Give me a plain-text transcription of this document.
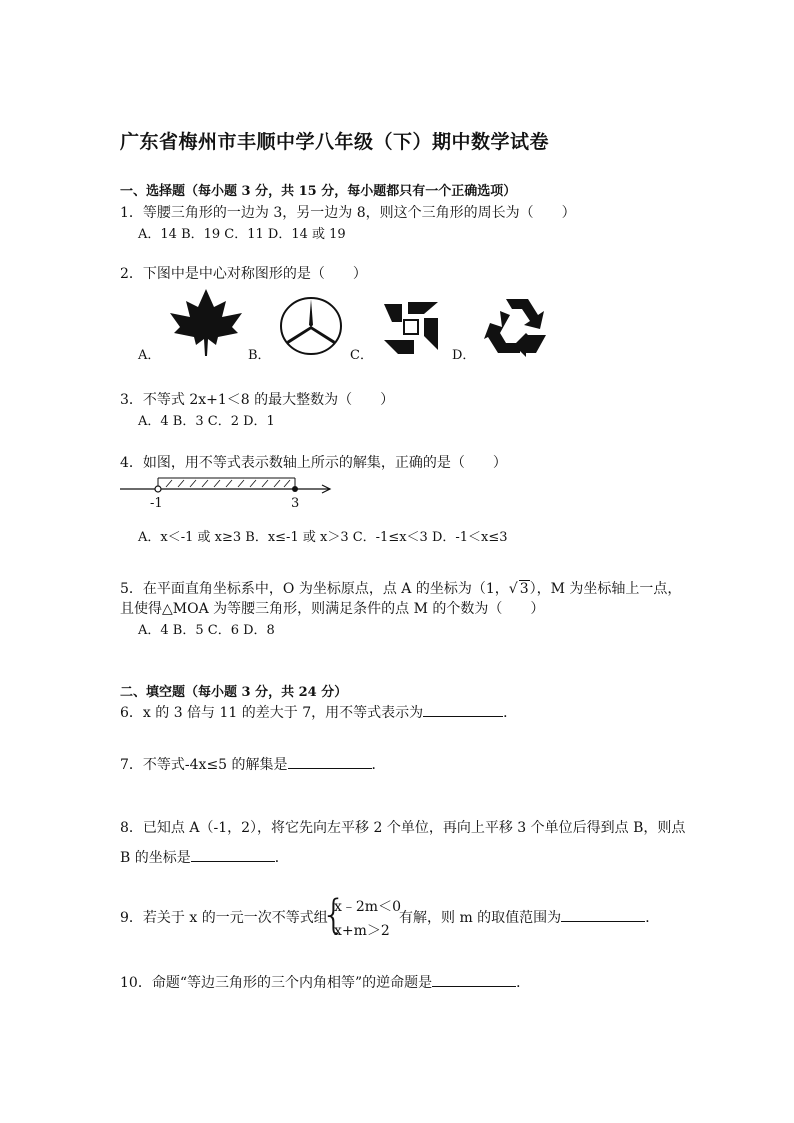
广东省梅州市丰顺中学八年级（下）期中数学试卷
一、选择题（每小题 3 分，共 15 分，每小题都只有一个正确选项）
1．等腰三角形的一边为 3，另一边为 8，则这个三角形的周长为（　　）
A．14 B．19 C．11 D．14 或 19
2．下图中是中心对称图形的是（　　）
A．	B．	C．	D．
3．不等式 2x+1＜8 的最大整数为（　　）
A．4 B．3 C．2 D．1
4．如图，用不等式表示数轴上所示的解集，正确的是（　　）
-1	3
A．x＜-1 或 x≥3 B．x≤-1 或 x＞3 C．-1≤x＜3 D．-1＜x≤3
5．在平面直角坐标系中，O 为坐标原点，点 A 的坐标为（1，√ 3），M 为坐标轴上一点，
且使得△MOA 为等腰三角形，则满足条件的点 M 的个数为（　　）
A．4 B．5 C．6 D．8
二、填空题（每小题 3 分，共 24 分）
6．x 的 3 倍与 11 的差大于 7，用不等式表示为	．
7．不等式-4x≤5 的解集是	．
8．已知点 A（-1，2），将它先向左平移 2 个单位，再向上平移 3 个单位后得到点 B，则点
B 的坐标是	．
9．若关于 x 的一元一次不等式组
{
x﹣2m＜0
x+m＞2
有解，则 m 的取值范围为	．
10．命题“等边三角形的三个内角相等”的逆命题是	．
